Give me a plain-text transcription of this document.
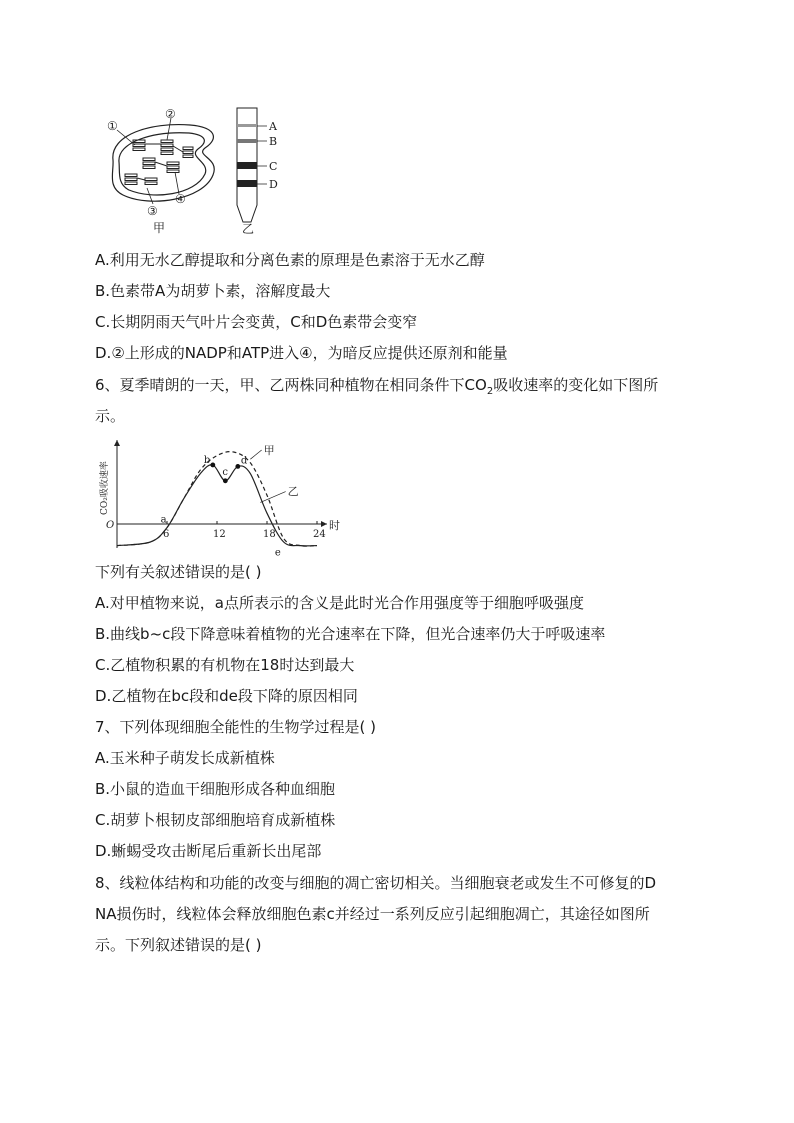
①
②
③
④
甲
A
B
C
D
乙
A.利用无水乙醇提取和分离色素的原理是色素溶于无水乙醇
B.色素带A为胡萝卜素，溶解度最大
C.长期阴雨天气叶片会变黄，C和D色素带会变窄
D.②上形成的NADP和ATP进入④，为暗反应提供还原剂和能量
6、夏季晴朗的一天，甲、乙两株同种植物在相同条件下$CO_2$吸收速率的变化如下图所
示。
6	12	18	24
CO₂吸收速率
时
O
甲
乙
a
b
c
d
e
下列有关叙述错误的是( )
A.对甲植物来说，a点所表示的含义是此时光合作用强度等于细胞呼吸强度
B.曲线b~c段下降意味着植物的光合速率在下降，但光合速率仍大于呼吸速率
C.乙植物积累的有机物在18时达到最大
D.乙植物在bc段和de段下降的原因相同
7、下列体现细胞全能性的生物学过程是( )
A.玉米种子萌发长成新植株
B.小鼠的造血干细胞形成各种血细胞
C.胡萝卜根韧皮部细胞培育成新植株
D.蜥蜴受攻击断尾后重新长出尾部
8、线粒体结构和功能的改变与细胞的凋亡密切相关。当细胞衰老或发生不可修复的D
NA损伤时，线粒体会释放细胞色素c并经过一系列反应引起细胞凋亡，其途径如图所
示。下列叙述错误的是( )
